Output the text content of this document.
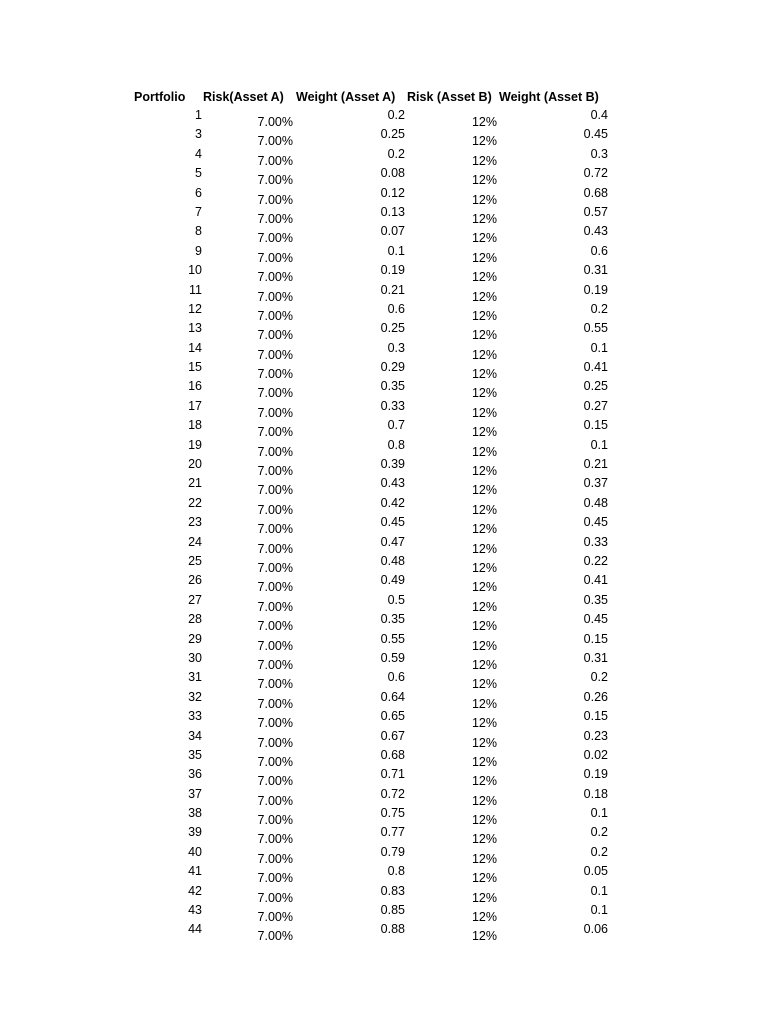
Portfolio Risk(Asset A) Weight (Asset A) Risk (Asset B) Weight (Asset B)
1	7.00%	0.2	12%	0.4
3	7.00%	0.25	12%	0.45
4	7.00%	0.2	12%	0.3
5	7.00%	0.08	12%	0.72
6	7.00%	0.12	12%	0.68
7	7.00%	0.13	12%	0.57
8	7.00%	0.07	12%	0.43
9	7.00%	0.1	12%	0.6
10	7.00%	0.19	12%	0.31
11	7.00%	0.21	12%	0.19
12	7.00%	0.6	12%	0.2
13	7.00%	0.25	12%	0.55
14	7.00%	0.3	12%	0.1
15	7.00%	0.29	12%	0.41
16	7.00%	0.35	12%	0.25
17	7.00%	0.33	12%	0.27
18	7.00%	0.7	12%	0.15
19	7.00%	0.8	12%	0.1
20	7.00%	0.39	12%	0.21
21	7.00%	0.43	12%	0.37
22	7.00%	0.42	12%	0.48
23	7.00%	0.45	12%	0.45
24	7.00%	0.47	12%	0.33
25	7.00%	0.48	12%	0.22
26	7.00%	0.49	12%	0.41
27	7.00%	0.5	12%	0.35
28	7.00%	0.35	12%	0.45
29	7.00%	0.55	12%	0.15
30	7.00%	0.59	12%	0.31
31	7.00%	0.6	12%	0.2
32	7.00%	0.64	12%	0.26
33	7.00%	0.65	12%	0.15
34	7.00%	0.67	12%	0.23
35	7.00%	0.68	12%	0.02
36	7.00%	0.71	12%	0.19
37	7.00%	0.72	12%	0.18
38	7.00%	0.75	12%	0.1
39	7.00%	0.77	12%	0.2
40	7.00%	0.79	12%	0.2
41	7.00%	0.8	12%	0.05
42	7.00%	0.83	12%	0.1
43	7.00%	0.85	12%	0.1
44	7.00%	0.88	12%	0.06
